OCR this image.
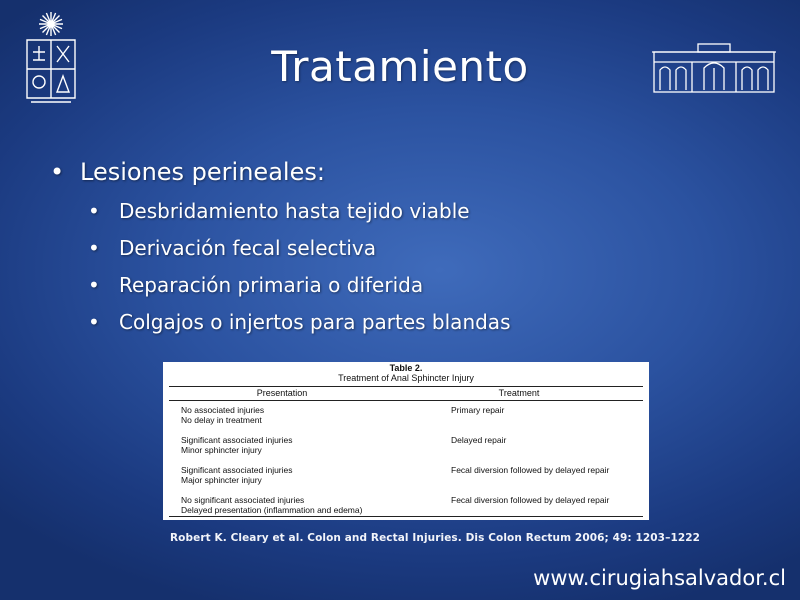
Tratamiento
• Lesiones perineales:
• Desbridamiento hasta tejido viable
• Derivación fecal selectiva
• Reparación primaria o diferida
• Colgajos o injertos para partes blandas
Table 2.
Treatment of Anal Sphincter Injury
Presentation	Treatment
No associated injuries
No delay in treatment
Primary repair
Significant associated injuries
Minor sphincter injury
Delayed repair
Significant associated injuries
Major sphincter injury
Fecal diversion followed by delayed repair
No significant associated injuries
Delayed presentation (inflammation and edema)
Fecal diversion followed by delayed repair
Robert K. Cleary et al. Colon and Rectal Injuries. Dis Colon Rectum 2006; 49: 1203–1222
www.cirugiahsalvador.cl
